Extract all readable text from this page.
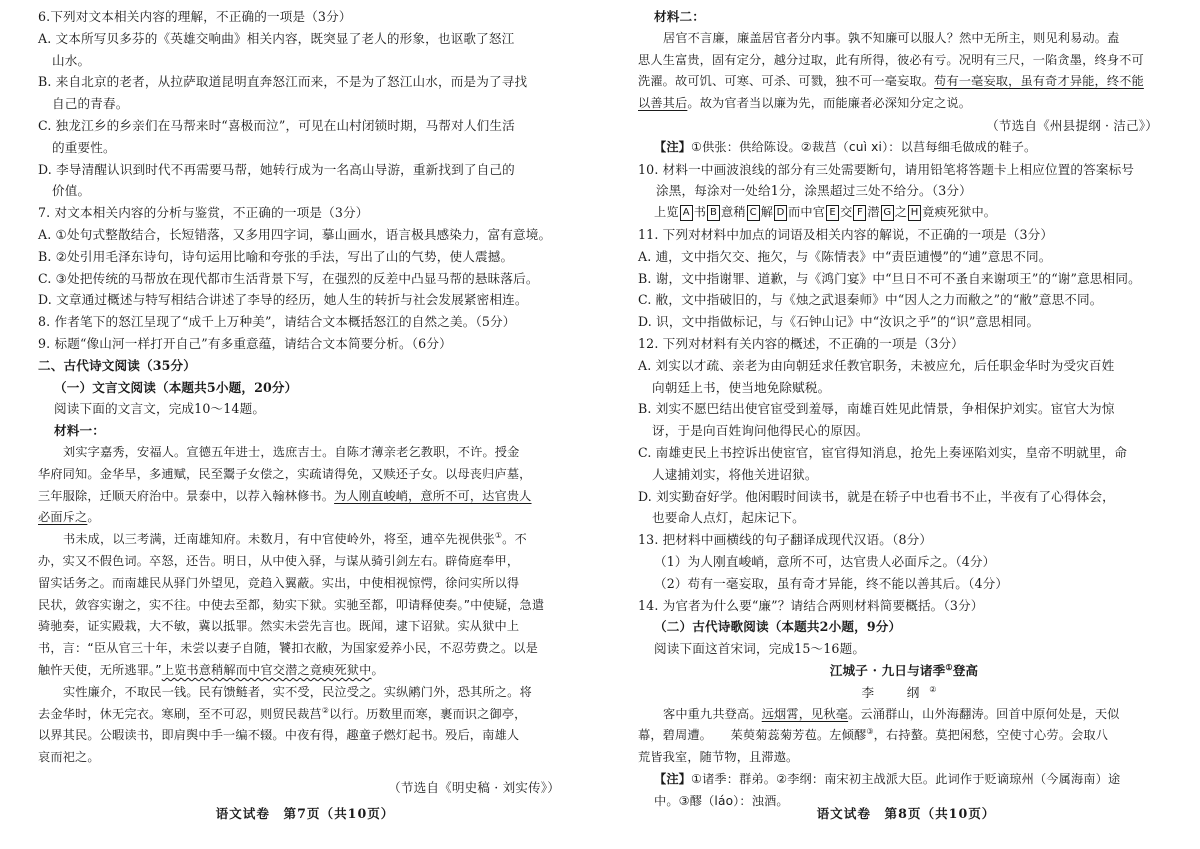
6.下列对文本相关内容的理解，不正确的一项是（3分）

A. 文本所写贝多芬的《英雄交响曲》相关内容，既突显了老人的形象，也讴歌了怒江
山水。

B. 来自北京的老者，从拉萨取道昆明直奔怒江而来，不是为了怒江山水，而是为了寻找
自己的青春。

C. 独龙江乡的乡亲们在马帮来时“喜极而泣”，可见在山村闭锁时期，马帮对人们生活
的重要性。

D. 李导清醒认识到时代不再需要马帮，她转行成为一名高山导游，重新找到了自己的
价值。

7. 对文本相关内容的分析与鉴赏，不正确的一项是（3分）

A. ①处句式整散结合，长短错落，又多用四字词，摹山画水，语言极具感染力，富有意境。

B. ②处引用毛泽东诗句，诗句运用比喻和夸张的手法，写出了山的气势，使人震撼。

C. ③处把传统的马帮放在现代都市生活背景下写，在强烈的反差中凸显马帮的悬昧落后。

D. 文章通过概述与特写相结合讲述了李导的经历，她人生的转折与社会发展紧密相连。

8. 作者笔下的怒江呈现了“成千上万种美”，请结合文本概括怒江的自然之美。（5分）

9. 标题“像山河一样打开自己”有多重意蕴，请结合文本简要分析。（6分）

二、古代诗文阅读（35分）

（一）文言文阅读（本题共5小题，20分）

阅读下面的文言文，完成10～14题。

材料一：

刘实字嘉秀，安福人。宣德五年进士，选庶吉士。自陈才薄亲老乞教职，不许。授金
华府同知。金华旱，多逋赋，民至鬻子女偿之，实疏请得免，又赎还子女。以母丧归庐墓，
三年服除，迁顺天府治中。景泰中，以荐入翰林修书。为人刚直峻峭，意所不可，达官贵人
必面斥之。

书未成，以三考满，迁南雄知府。未数月，有中官使岭外，将至，逋卒先视供张①。不
办，实又不假色词。卒怒，还告。明日，从中使入驿，与谋从骑引剑左右。辟倚庭奉甲，
留实话务之。而南雄民从驿门外望见，竞趋入翼蔽。实出，中使相视惊愕，徐问实所以得
民状，敛容实谢之，实不往。中使去至都，劾实下狱。实驰至都，叩请释使奏。”中使疑，急遣
骑驰奏，证实殿栽，大不敏，冀以抵罪。然实未尝先言也。既闻，逮下诏狱。实从狱中上
书，言：“臣从官三十年，未尝以妻子自随，饕扣衣敝，为国家爱养小民，不忍劳费之。以是
触忤天使，无所逃罪。”上览书意稍解而中官交潜之竟瘐死狱中。

实性廉介，不取民一钱。民有馈鲢者，实不受，民泣受之。实纵鹇门外，恐其所之。将
去金华时，休无完衣。寒刷，至不可忍，则贸民裁莒②以行。历数里而寒，裹而识之御亭，
以界其民。公暇读书，即肩舆中手一编不辍。中夜有得，趣童子燃灯起书。殁后，南雄人
哀而祀之。

（节选自《明史稿 · 刘实传》）

语文试卷　第7页（共10页）

材料二：

居官不言廉，廉盖居官者分内事。孰不知廉可以服人？然中无所主，则见利易动。盍
思人生富贵，固有定分，越分过取，此有所得，彼必有亏。况明有三尺，一陷贪墨，终身不可
洗濯。故可饥、可寒、可杀、可戮，独不可一毫妄取。苟有一毫妄取，虽有奇才异能，终不能
以善其后。故为官者当以廉为先，而能廉者必深知分定之说。

（节选自《州县提纲 · 洁己》）

【注】①供张：供给陈设。②裁莒（cuì xi）：以莒每细毛做成的鞋子。

10. 材料一中画波浪线的部分有三处需要断句，请用铅笔将答题卡上相应位置的答案标号
涂黑，每涂对一处给1分，涂黑超过三处不给分。（3分）

上览 A 书 B 意稍 C 解 D 而中官 E 交 F 潜 G 之 H 竟瘐死狱中。

11. 下列对材料中加点的词语及相关内容的解说，不正确的一项是（3分）

A. 逋，文中指欠交、拖欠，与《陈情表》中“责臣逋慢”的“逋”意思不同。

B. 谢，文中指谢罪、道歉，与《鸿门宴》中“旦日不可不蚤自来谢项王”的“谢”意思相同。

C. 敝，文中指破旧的，与《烛之武退秦师》中“因人之力而敝之”的“敝”意思不同。

D. 识，文中指做标记，与《石钟山记》中“汝识之乎”的“识”意思相同。

12. 下列对材料有关内容的概述，不正确的一项是（3分）

A. 刘实以才疏、亲老为由向朝廷求任教官职务，未被应允，后任职金华时为受灾百姓
向朝廷上书，使当地免除赋税。

B. 刘实不愿巴结出使官宦受到羞辱，南雄百姓见此情景，争相保护刘实。宦官大为惊
讶，于是向百姓询问他得民心的原因。

C. 南雄吏民上书控诉出使宦官，宦官得知消息，抢先上奏诬陷刘实，皇帝不明就里，命
人逮捕刘实，将他关进诏狱。

D. 刘实勤奋好学。他闲暇时间读书，就是在轿子中也看书不止，半夜有了心得体会，
也要命人点灯，起床记下。

13. 把材料中画横线的句子翻译成现代汉语。（8分）

（1）为人刚直峻峭，意所不可，达官贵人必面斥之。（4分）

（2）苟有一毫妄取，虽有奇才异能，终不能以善其后。（4分）

14. 为官者为什么要“廉”？请结合两则材料简要概括。（3分）

（二）古代诗歌阅读（本题共2小题，9分）

阅读下面这首宋词，完成15～16题。

江城子 · 九日与诸季①登高

李　纲②

客中重九共登高。远烟霄，见秋毫。云涌群山，山外海翻涛。回首中原何处是，天似
幕，碧周遭。　　茱萸菊蕊菊芳苞。左倾醪③，右持螯。莫把闲愁，空使寸心劳。会取八
荒皆我室，随节物，且滞遨。

【注】①诸季：群弟。②李纲：南宋初主战派大臣。此词作于贬谪琼州（今属海南）途
中。③醪（láo）：浊酒。

语文试卷　第8页（共10页）
